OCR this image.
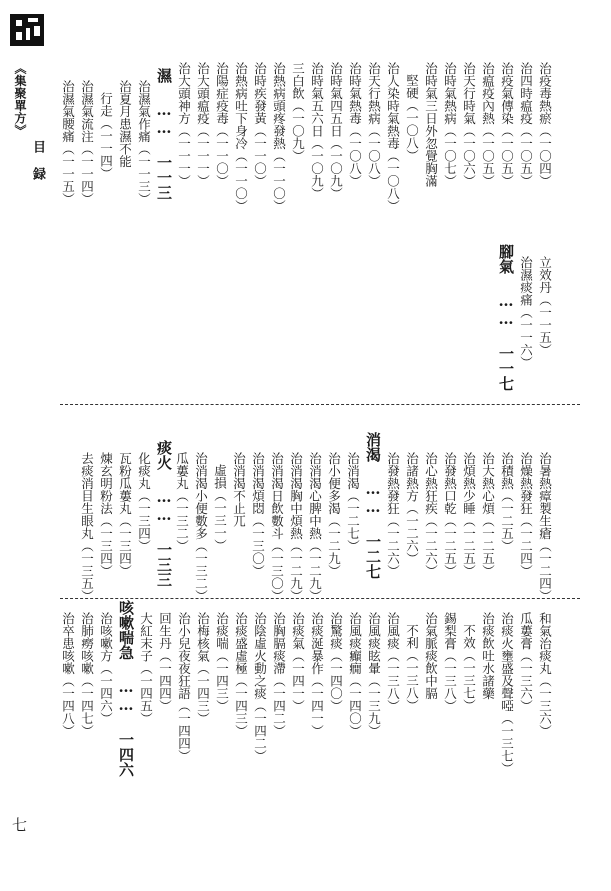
《集聚單方》
目　録	治疫毒熱瘀（一〇四）
治四時瘟疫（一〇五）
治疫氣傳染（一〇五）
治瘟疫內熱（一〇五）
治天行時氣（一〇六）
治時氣熱病（一〇七）
治時氣三日外忽覺胸滿
堅硬（一〇八）
治人染時氣熱毒（一〇八）
治天行熱病（一〇八）
治時氣熱毒（一〇八）
治時氣四五日（一〇九）
治時氣五六日（一〇九）
三白飲（一〇九）
治熱病頭疼發熱（一一〇）
治時疾發黃（一一〇）
治熱病吐下身冷（一一〇）
治陽症疫毒（一一〇）
治大頭瘟疫（一一一）
治大頭神方（一一一）
濕 …… 一一三
治濕氣作痛（一一三）
治夏月患濕不能
行走（一一四）
治濕氣流注（一一四）
治濕氣腰痛（一一五）
立效丹（一一五）
治濕痰痛（一一六）
腳氣 …… 一一七
治暑熱瘴製生瘡（一二四）
治燥熱發狂（一二四）
治積熱（一二五）
治大熱心煩（一二五）
治煩熱少睡（一二五）
治發熱口乾（一二五）
治心熱狂疾（一二六）
治諸熱方（一二六）
治發熱發狂（一二六）
消渴 …… 一二七
治消渴（一二七）
治小便多渴（一二九）
治消渴心脾中熱（一二九）
治消渴胸中煩熱（一二九）
治消渴日飲數斗（一三〇）
治消渴煩悶（一三〇）
治消渴不止兀
虛損（一三一）
治消渴小便數多（一三二）
瓜蔞丸（一三二）
痰火 …… 一三三
化痰丸（一三四）
瓦粉瓜蔞丸（一三四）
煉玄明粉法（一三四）
去痰消目生眼丸（一三五）
和氣治痰丸（一三六）
瓜蔞膏（一三六）
治痰火壅盛及聲啞（一三七）
治痰飲吐水諸藥
不效（一三七）
錫梨膏（一三八）
治氣脈痰飲中膈
不利（一三八）
治風痰（一三八）
治風痰眩暈（一三九）
治風痰癲癇（一四〇）
治驚痰（一四〇）
治痰涎暴作（一四一）
治痰氣（一四一）
治胸膈痰滯（一四二）
治陰虛火動之痰（一四二）
治痰盛虛極（一四三）
治痰喘（一四三）
治梅核氣（一四三）
治小兒夜夜狂語（一四四）
回生丹（一四四）
大紅末子（一四五）
咳嗽喘急 …… 一四六
治咳嗽方（一四六）
治肺癆咳嗽（一四七）
治卒患咳嗽（一四八）
七
